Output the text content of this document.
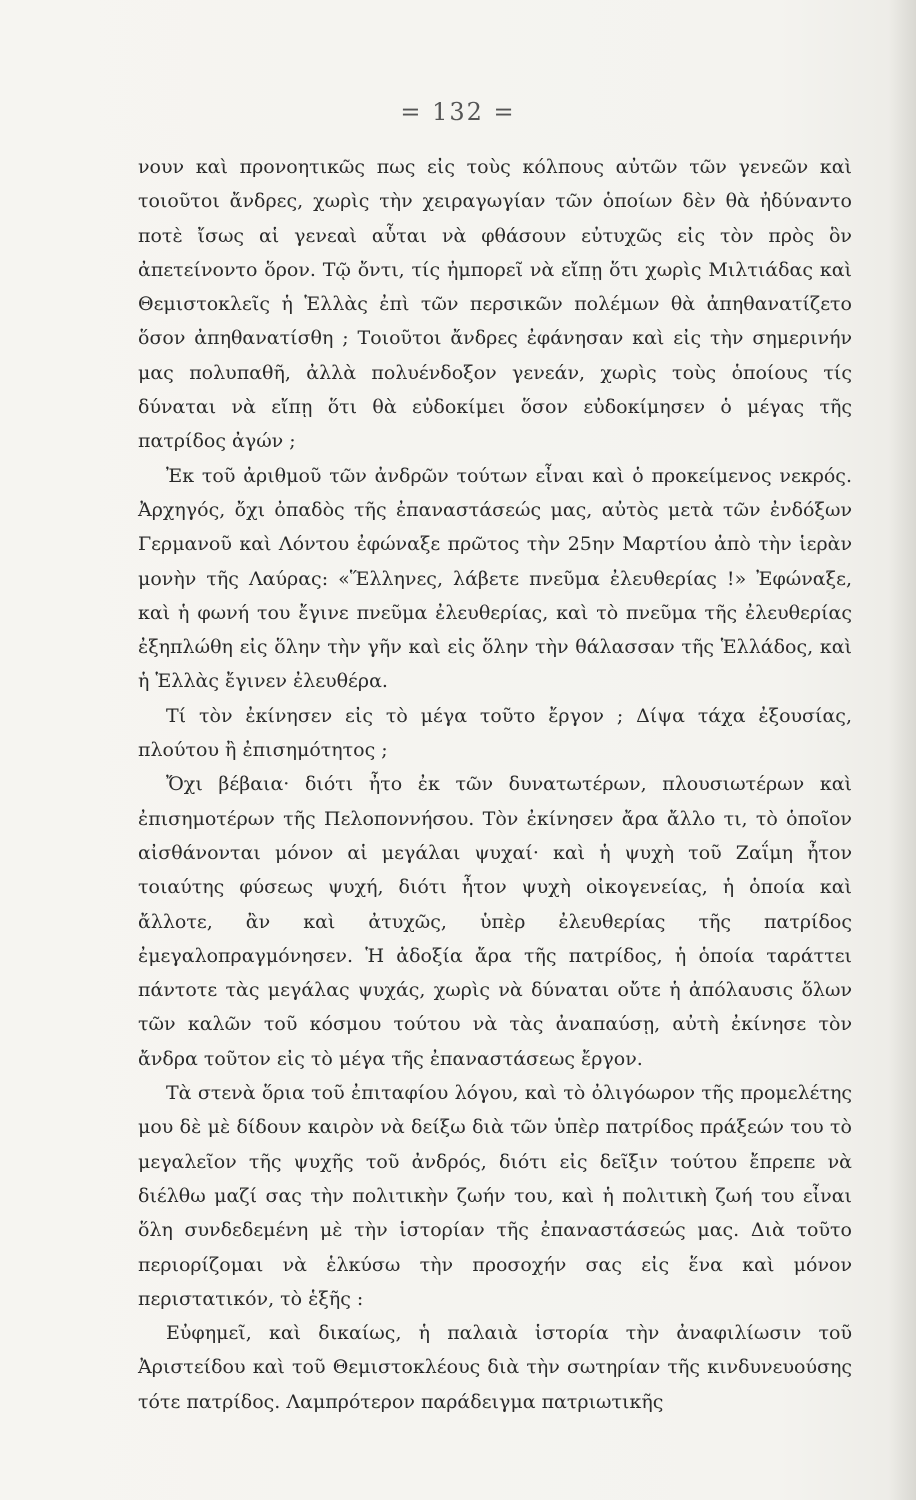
= 132 =

νουν καὶ προνοητικῶς πως εἰς τοὺς κόλπους αὐτῶν τῶν γενεῶν καὶ τοιοῦτοι ἄνδρες, χωρὶς τὴν χειραγωγίαν τῶν ὁποίων δὲν θὰ ἠδύναντο ποτὲ ἴσως αἱ γενεαὶ αὗται νὰ φθάσουν εὐτυχῶς εἰς τὸν πρὸς ὃν ἀπετείνοντο ὅρον. Τῷ ὄντι, τίς ἠμπορεῖ νὰ εἴπῃ ὅτι χωρὶς Μιλτιάδας καὶ Θεμιστοκλεῖς ἡ Ἑλλὰς ἐπὶ τῶν περσικῶν πολέμων θὰ ἀπηθανατίζετο ὅσον ἀπηθανατίσθη ; Τοιοῦτοι ἄνδρες ἐφάνησαν καὶ εἰς τὴν σημερινήν μας πολυπαθῆ, ἀλλὰ πολυένδοξον γενεάν, χωρὶς τοὺς ὁποίους τίς δύναται νὰ εἴπῃ ὅτι θὰ εὐδοκίμει ὅσον εὐδοκίμησεν ὁ μέγας τῆς πατρίδος ἀγών ;

Ἐκ τοῦ ἀριθμοῦ τῶν ἀνδρῶν τούτων εἶναι καὶ ὁ προκείμενος νεκρός. Ἀρχηγός, ὄχι ὀπαδὸς τῆς ἐπαναστάσεώς μας, αὐτὸς μετὰ τῶν ἐνδόξων Γερμανοῦ καὶ Λόντου ἐφώναξε πρῶτος τὴν 25ην Μαρτίου ἀπὸ τὴν ἱερὰν μονὴν τῆς Λαύρας: «Ἕλληνες, λάβετε πνεῦμα ἐλευθερίας !» Ἐφώναξε, καὶ ἡ φωνή του ἔγινε πνεῦμα ἐλευθερίας, καὶ τὸ πνεῦμα τῆς ἐλευθερίας ἐξηπλώθη εἰς ὅλην τὴν γῆν καὶ εἰς ὅλην τὴν θάλασσαν τῆς Ἑλλάδος, καὶ ἡ Ἑλλὰς ἔγινεν ἐλευθέρα.

Τί τὸν ἐκίνησεν εἰς τὸ μέγα τοῦτο ἔργον ; Δίψα τάχα ἐξουσίας, πλούτου ἢ ἐπισημότητος ;

Ὄχι βέβαια· διότι ἦτο ἐκ τῶν δυνατωτέρων, πλουσιωτέρων καὶ ἐπισημοτέρων τῆς Πελοποννήσου. Τὸν ἐκίνησεν ἄρα ἄλλο τι, τὸ ὁποῖον αἰσθάνονται μόνον αἱ μεγάλαι ψυχαί· καὶ ἡ ψυχὴ τοῦ Ζαΐμη ἦτον τοιαύτης φύσεως ψυχή, διότι ἦτον ψυχὴ οἰκογενείας, ἡ ὁποία καὶ ἄλλοτε, ἂν καὶ ἀτυχῶς, ὑπὲρ ἐλευθερίας τῆς πατρίδος ἐμεγαλοπραγμόνησεν. Ἡ ἀδοξία ἄρα τῆς πατρίδος, ἡ ὁποία ταράττει πάντοτε τὰς μεγάλας ψυχάς, χωρὶς νὰ δύναται οὔτε ἡ ἀπόλαυσις ὅλων τῶν καλῶν τοῦ κόσμου τούτου νὰ τὰς ἀναπαύσῃ, αὐτὴ ἐκίνησε τὸν ἄνδρα τοῦτον εἰς τὸ μέγα τῆς ἐπαναστάσεως ἔργον.

Τὰ στενὰ ὅρια τοῦ ἐπιταφίου λόγου, καὶ τὸ ὀλιγόωρον τῆς προμελέτης μου δὲ μὲ δίδουν καιρὸν νὰ δείξω διὰ τῶν ὑπὲρ πατρίδος πράξεών του τὸ μεγαλεῖον τῆς ψυχῆς τοῦ ἀνδρός, διότι εἰς δεῖξιν τούτου ἔπρεπε νὰ διέλθω μαζί σας τὴν πολιτικὴν ζωήν του, καὶ ἡ πολιτικὴ ζωή του εἶναι ὅλη συνδεδεμένη μὲ τὴν ἱστορίαν τῆς ἐπαναστάσεώς μας. Διὰ τοῦτο περιορίζομαι νὰ ἑλκύσω τὴν προσοχήν σας εἰς ἕνα καὶ μόνον περιστατικόν, τὸ ἑξῆς :

Εὐφημεῖ, καὶ δικαίως, ἡ παλαιὰ ἱστορία τὴν ἀναφιλίωσιν τοῦ Ἀριστείδου καὶ τοῦ Θεμιστοκλέους διὰ τὴν σωτηρίαν τῆς κινδυνευούσης τότε πατρίδος. Λαμπρότερον παράδειγμα πατριωτικῆς
